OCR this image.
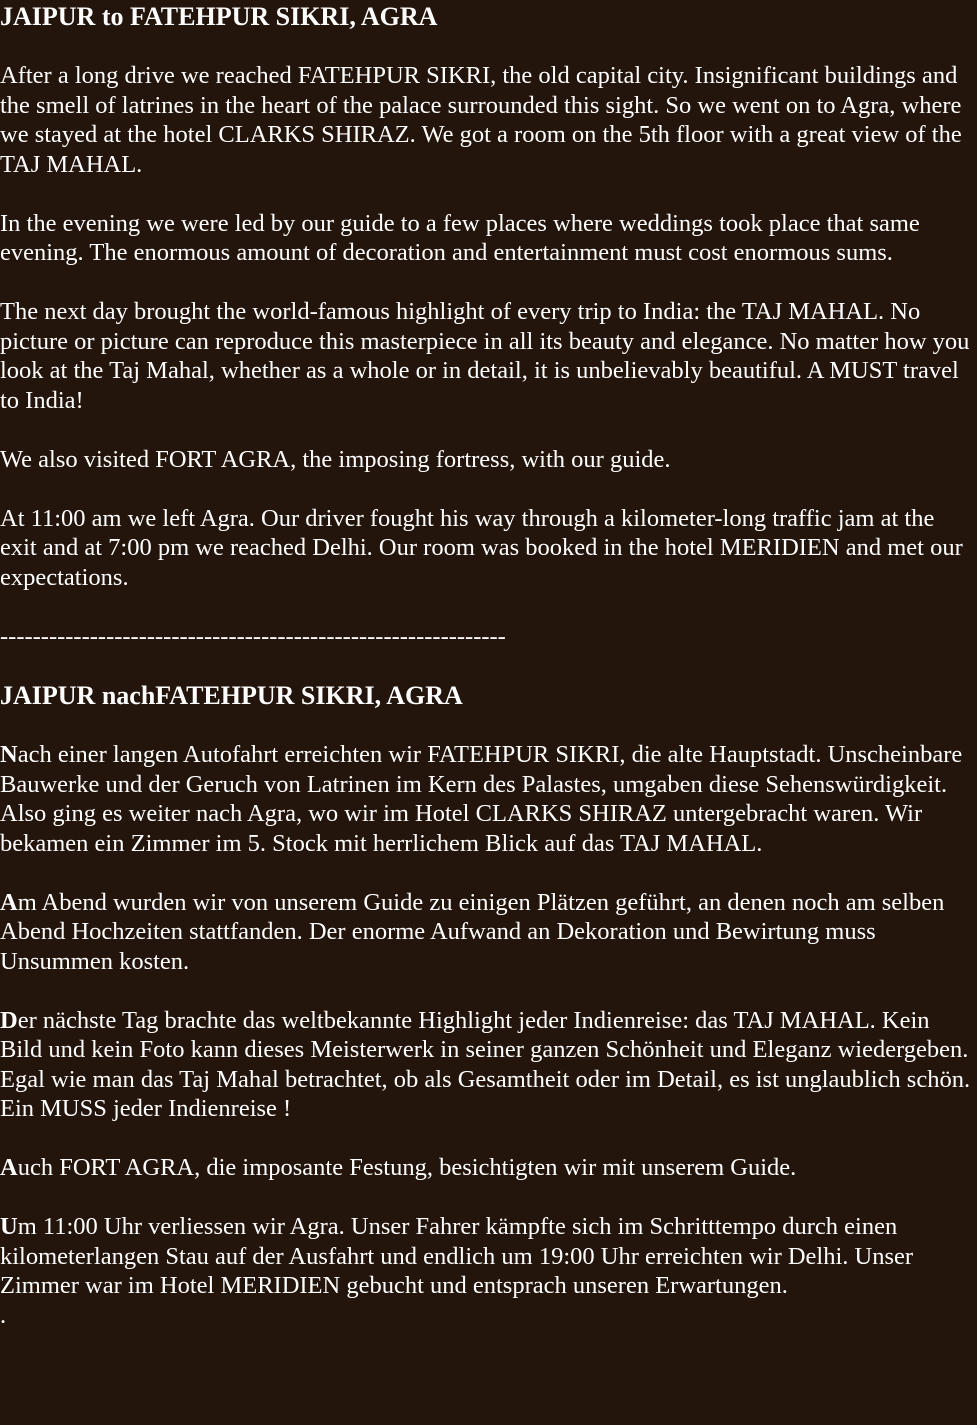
JAIPUR to FATEHPUR SIKRI, AGRA

After a long drive we reached FATEHPUR SIKRI, the old capital city. Insignificant buildings and the smell of latrines in the heart of the palace surrounded this sight. So we went on to Agra, where we stayed at the hotel CLARKS SHIRAZ. We got a room on the 5th floor with a great view of the TAJ MAHAL.

In the evening we were led by our guide to a few places where weddings took place that same evening. The enormous amount of decoration and entertainment must cost enormous sums.

The next day brought the world-famous highlight of every trip to India: the TAJ MAHAL. No picture or picture can reproduce this masterpiece in all its beauty and elegance. No matter how you look at the Taj Mahal, whether as a whole or in detail, it is unbelievably beautiful. A MUST travel to India!

We also visited FORT AGRA, the imposing fortress, with our guide.

At 11:00 am we left Agra. Our driver fought his way through a kilometer-long traffic jam at the exit and at 7:00 pm we reached Delhi. Our room was booked in the hotel MERIDIEN and met our expectations.

--------------------------------------------------------------

JAIPUR nachFATEHPUR SIKRI, AGRA

Nach einer langen Autofahrt erreichten wir FATEHPUR SIKRI, die alte Hauptstadt. Unscheinbare Bauwerke und der Geruch von Latrinen im Kern des Palastes, umgaben diese Sehenswürdigkeit. Also ging es weiter nach Agra, wo wir im Hotel CLARKS SHIRAZ untergebracht waren. Wir bekamen ein Zimmer im 5. Stock mit herrlichem Blick auf das TAJ MAHAL.

Am Abend wurden wir von unserem Guide zu einigen Plätzen geführt, an denen noch am selben Abend Hochzeiten stattfanden. Der enorme Aufwand an Dekoration und Bewirtung muss Unsummen kosten.

Der nächste Tag brachte das weltbekannte Highlight jeder Indienreise: das TAJ MAHAL. Kein Bild und kein Foto kann dieses Meisterwerk in seiner ganzen Schönheit und Eleganz wiedergeben. Egal wie man das Taj Mahal betrachtet, ob als Gesamtheit oder im Detail, es ist unglaublich schön. Ein MUSS jeder Indienreise !

Auch FORT AGRA, die imposante Festung, besichtigten wir mit unserem Guide.

Um 11:00 Uhr verliessen wir Agra. Unser Fahrer kämpfte sich im Schritttempo durch einen kilometerlangen Stau auf der Ausfahrt und endlich um 19:00 Uhr erreichten wir Delhi. Unser Zimmer war im Hotel MERIDIEN gebucht und entsprach unseren Erwartungen.

.
